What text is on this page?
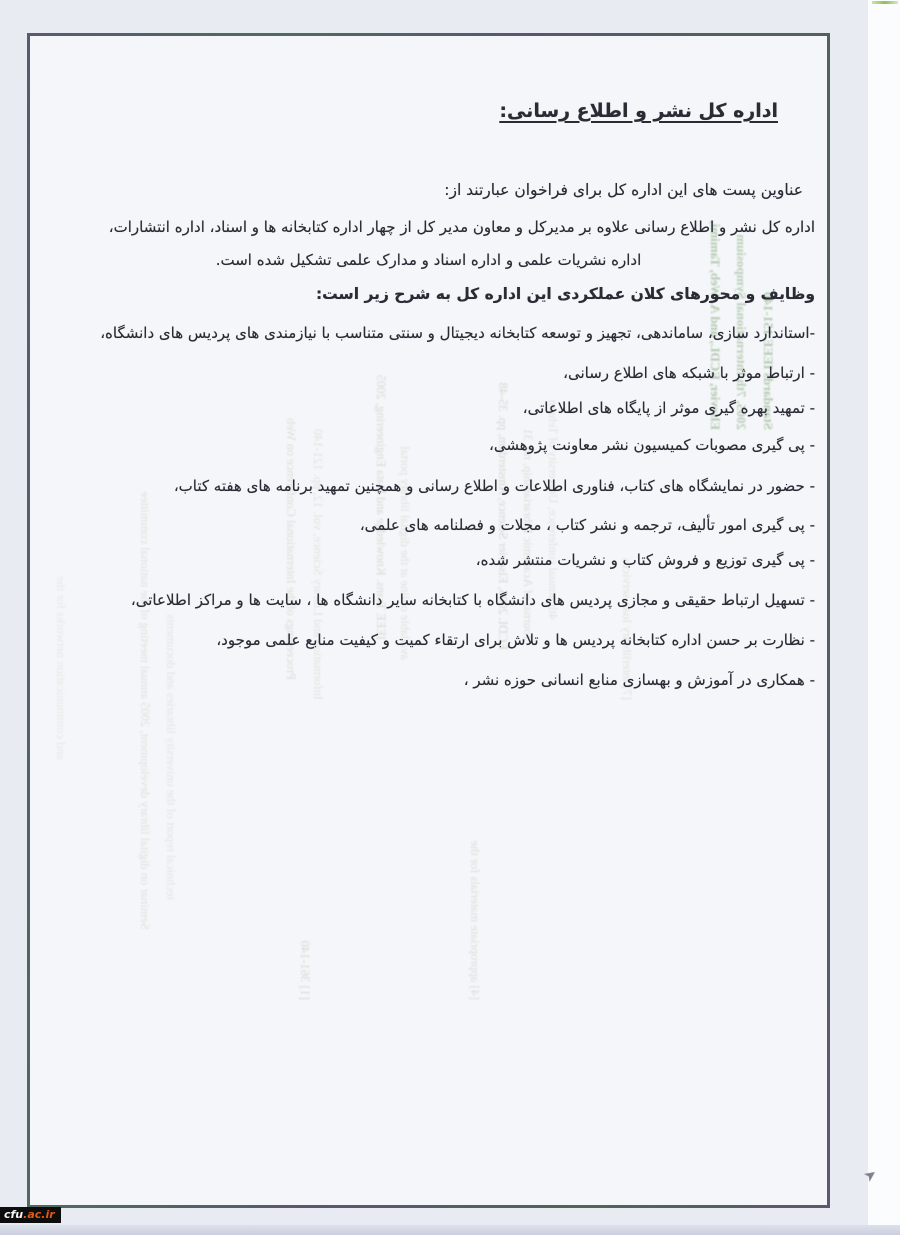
and communication networks for the	Seminar on digital library development, 2005 annual meeting of the national committee technical report of the university libraries and documents
Proceedings of the International Conference on Web Information and Library Science, vol. 12, pp. 121-140	IEEE Trans. Knowledge and Data Engineering, 2005 available online at the digital library portal	ECDL 2005, Elsevier Science, Amsterdam, pp. 35-48 Journal of Academic Librarianship, no. 31 4th annual conference, University of Tehran
Elsevier, ECDL, and A. Web, Tamimi, 2005, 7th International Symposium Standards IEEE 151-140
[1] 361-140	[4] appropriate materials for the
[7] interlibrary loan services
اداره کل نشر و اطلاع رسانی:
عناوین پست های این اداره کل برای فراخوان عبارتند از:
اداره کل نشر و اطلاع رسانی علاوه بر مدیرکل و معاون مدیر کل از چهار اداره کتابخانه ها و اسناد، اداره انتشارات،
اداره نشریات علمی و اداره اسناد و مدارک علمی تشکیل شده است.
وظایف و محورهای کلان عملکردی این اداره کل به شرح زیر است:
-استاندارد سازی، ساماندهی، تجهیز و توسعه کتابخانه دیجیتال و سنتی متناسب با نیازمندی های پردیس های دانشگاه،
- ارتباط موثر با شبکه های اطلاع رسانی،
- تمهید بهره گیری موثر از پایگاه های اطلاعاتی،
- پی گیری مصوبات کمیسیون نشر معاونت پژوهشی،
- حضور در نمایشگاه های کتاب، فناوری اطلاعات و اطلاع رسانی و همچنین تمهید برنامه های هفته کتاب،
- پی گیری امور تألیف، ترجمه و نشر کتاب ، مجلات و فصلنامه های علمی،
- پی گیری توزیع و فروش کتاب و نشریات منتشر شده،
- تسهیل ارتباط حقیقی و مجازی پردیس های دانشگاه با کتابخانه سایر دانشگاه ها ، سایت ها و مراکز اطلاعاتی،
- نظارت بر حسن اداره کتابخانه پردیس ها و تلاش برای ارتقاء کمیت و کیفیت منابع علمی موجود،
- همکاری در آموزش و بهسازی منابع انسانی حوزه نشر ،
➤
cfu .ac.ir
